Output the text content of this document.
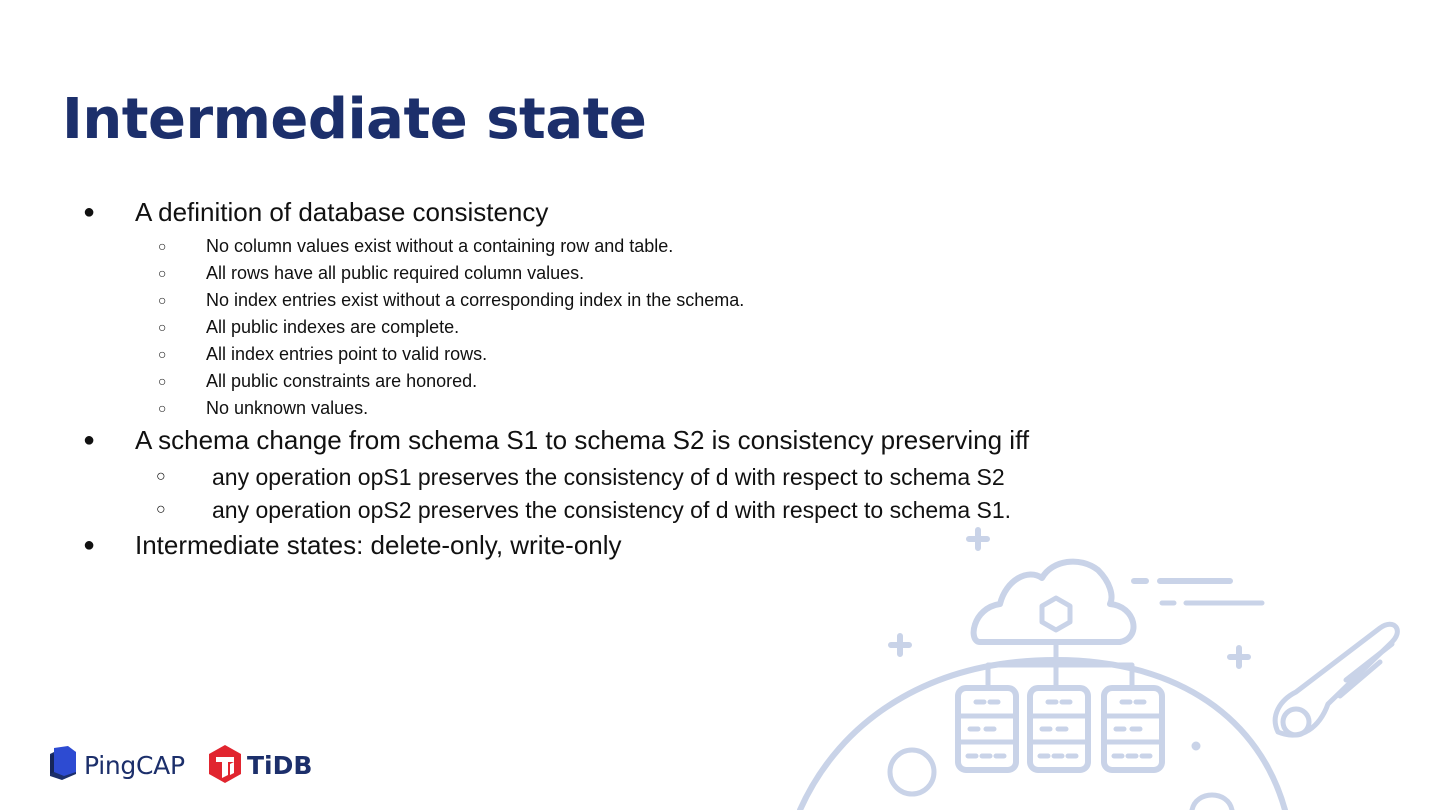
Intermediate state
● A definition of database consistency
○ No column values exist without a containing row and table.
○ All rows have all public required column values.
○ No index entries exist without a corresponding index in the schema.
○ All public indexes are complete.
○ All index entries point to valid rows.
○ All public constraints are honored.
○ No unknown values.
● A schema change from schema S1 to schema S2 is consistency preserving iff
○ any operation opS1 preserves the consistency of d with respect to schema S2
○ any operation opS2 preserves the consistency of d with respect to schema S1.
● Intermediate states: delete-only, write-only
PingCAP TiDB
